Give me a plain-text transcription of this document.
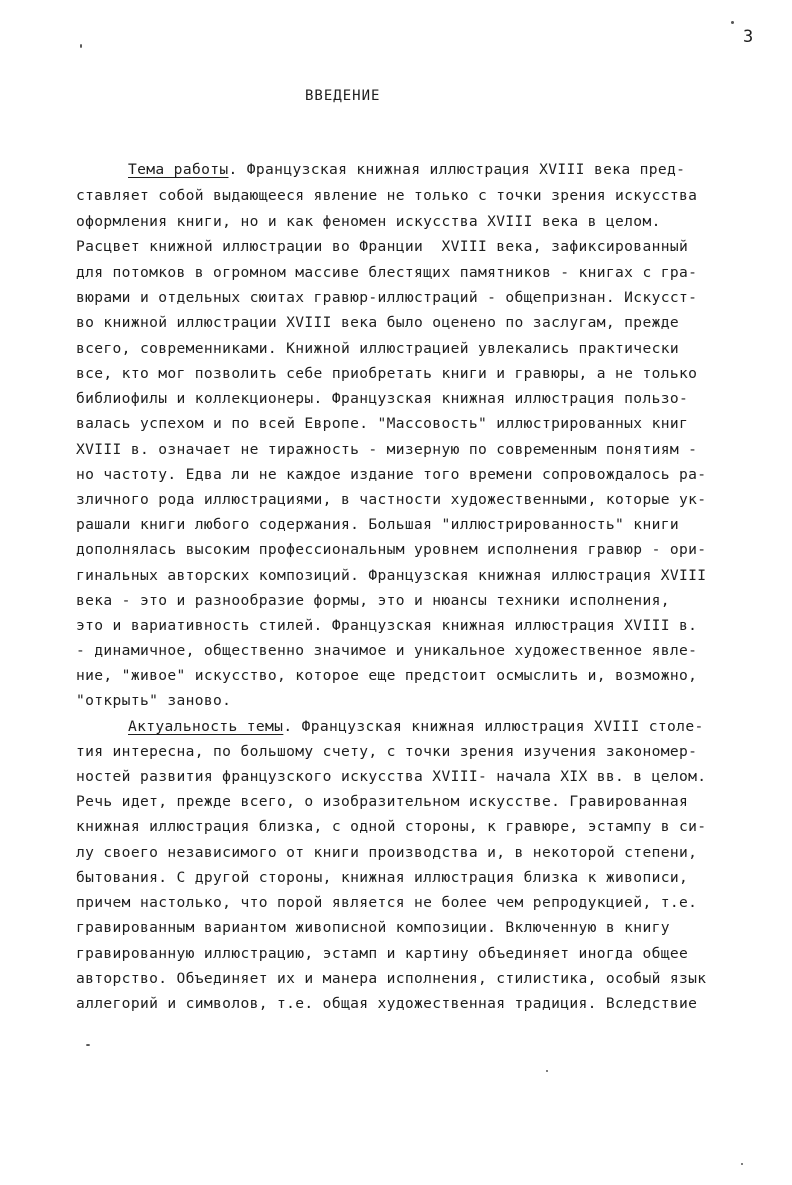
3
ВВЕДЕНИЕ
Тема работы. Французская книжная иллюстрация XVIII века пред-
ставляет собой выдающееся явление не только с точки зрения искусства
оформления книги, но и как феномен искусства XVIII века в целом.
Расцвет книжной иллюстрации во Франции  XVIII века, зафиксированный
для потомков в огромном массиве блестящих памятников - книгах с гра-
вюрами и отдельных сюитах гравюр-иллюстраций - общепризнан. Искусст-
во книжной иллюстрации XVIII века было оценено по заслугам, прежде
всего, современниками. Книжной иллюстрацией увлекались практически
все, кто мог позволить себе приобретать книги и гравюры, а не только
библиофилы и коллекционеры. Французская книжная иллюстрация пользо-
валась успехом и по всей Европе. "Массовость" иллюстрированных книг
XVIII в. означает не тиражность - мизерную по современным понятиям -
но частоту. Едва ли не каждое издание того времени сопровождалось ра-
зличного рода иллюстрациями, в частности художественными, которые ук-
рашали книги любого содержания. Большая "иллюстрированность" книги
дополнялась высоким профессиональным уровнем исполнения гравюр - ори-
гинальных авторских композиций. Французская книжная иллюстрация XVIII
века - это и разнообразие формы, это и нюансы техники исполнения,
это и вариативность стилей. Французская книжная иллюстрация XVIII в.
- динамичное, общественно значимое и уникальное художественное явле-
ние, "живое" искусство, которое еще предстоит осмыслить и, возможно,
"открыть" заново.
Актуальность темы. Французская книжная иллюстрация XVIII столе-
тия интересна, по большому счету, с точки зрения изучения закономер-
ностей развития французского искусства XVIII- начала XIX вв. в целом.
Речь идет, прежде всего, о изобразительном искусстве. Гравированная
книжная иллюстрация близка, с одной стороны, к гравюре, эстампу в си-
лу своего независимого от книги производства и, в некоторой степени,
бытования. С другой стороны, книжная иллюстрация близка к живописи,
причем настолько, что порой является не более чем репродукцией, т.е.
гравированным вариантом живописной композиции. Включенную в книгу
гравированную иллюстрацию, эстамп и картину объединяет иногда общее
авторство. Объединяет их и манера исполнения, стилистика, особый язык
аллегорий и символов, т.е. общая художественная традиция. Вследствие
